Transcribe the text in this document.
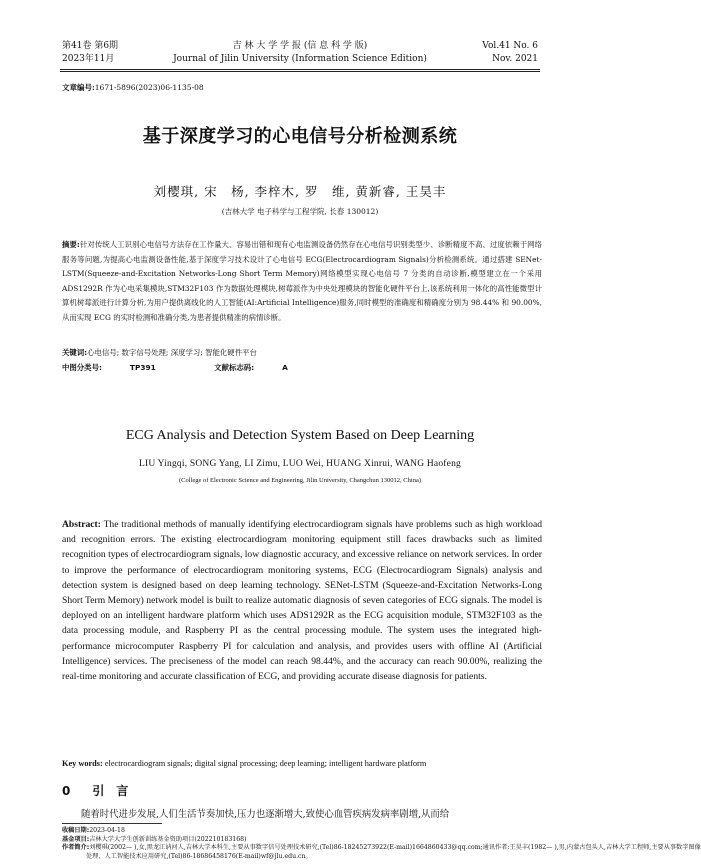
第41卷 第6期
2023年11月
吉 林 大 学 学 报 (信 息 科 学 版)
Journal of Jilin University (Information Science Edition)
Vol.41 No. 6
Nov. 2021
文章编号:1671-5896(2023)06-1135-08
基于深度学习的心电信号分析检测系统
刘樱琪, 宋　杨, 李梓木, 罗　维, 黄新睿, 王昊丰
(吉林大学 电子科学与工程学院, 长春 130012)
摘要:针对传统人工识别心电信号方法存在工作量大、容易出错和现有心电监测设备仍然存在心电信号识别类型少、诊断精度不高、过度依赖于网络服务等问题,为提高心电监测设备性能,基于深度学习技术设计了心电信号 ECG(Electrocardiogram Signals)分析检测系统。通过搭建 SENet-LSTM(Squeeze-and-Excitation Networks-Long Short Term Memory)网络模型实现心电信号 7 分类的自动诊断,模型建立在一个采用 ADS1292R 作为心电采集模块,STM32F103 作为数据处理模块,树莓派作为中央处理模块的智能化硬件平台上,该系统利用一体化的高性能微型计算机树莓派进行计算分析,为用户提供离线化的人工智能(AI:Artificial Intelligence)服务,同时模型的准确度和精确度分别为 98.44% 和 90.00%,从而实现 ECG 的实时检测和准确分类,为患者提供精准的病情诊断。
关键词:心电信号; 数字信号处理; 深度学习; 智能化硬件平台
中图分类号:	TP391	文献标志码:	A
ECG Analysis and Detection System Based on Deep Learning
LIU Yingqi, SONG Yang, LI Zimu, LUO Wei, HUANG Xinrui, WANG Haofeng
(College of Electronic Science and Engineering, Jilin University, Changchun 130012, China)
Abstract: The traditional methods of manually identifying electrocardiogram signals have problems such as high workload and recognition errors. The existing electrocardiogram monitoring equipment still faces drawbacks such as limited recognition types of electrocardiogram signals, low diagnostic accuracy, and excessive reliance on network services. In order to improve the performance of electrocardiogram monitoring systems, ECG (Electrocardiogram Signals) analysis and detection system is designed based on deep learning technology. SENet-LSTM (Squeeze-and-Excitation Networks-Long Short Term Memory) network model is built to realize automatic diagnosis of seven categories of ECG signals. The model is deployed on an intelligent hardware platform which uses ADS1292R as the ECG acquisition module, STM32F103 as the data processing module, and Raspberry PI as the central processing module. The system uses the integrated high-performance microcomputer Raspberry PI for calculation and analysis, and provides users with offline AI (Artificial Intelligence) services. The preciseness of the model can reach 98.44%, and the accuracy can reach 90.00%, realizing the real-time monitoring and accurate classification of ECG, and providing accurate disease diagnosis for patients.
Key words: electrocardiogram signals; digital signal processing; deep learning; intelligent hardware platform
0 引　言
随着时代进步发展,人们生活节奏加快,压力也逐渐增大,致使心血管疾病发病率剧增,从而给
收稿日期:2023-04-18
基金项目:吉林大学大学生创新训练基金资助项目(202210183168)
作者简介:刘樱琪(2002— ),女,黑龙江讷河人,吉林大学本科生,主要从事数字信号处理技术研究,(Tel)86-18245273922(E-mail)1664860433@qq.com;通讯作者:王昊丰(1982— ),男,内蒙古包头人,吉林大学工程师,主要从事数字图像
处理、人工智能技术应用研究,(Tel)86-18686458176(E-mail)wf@jlu.edu.cn。
